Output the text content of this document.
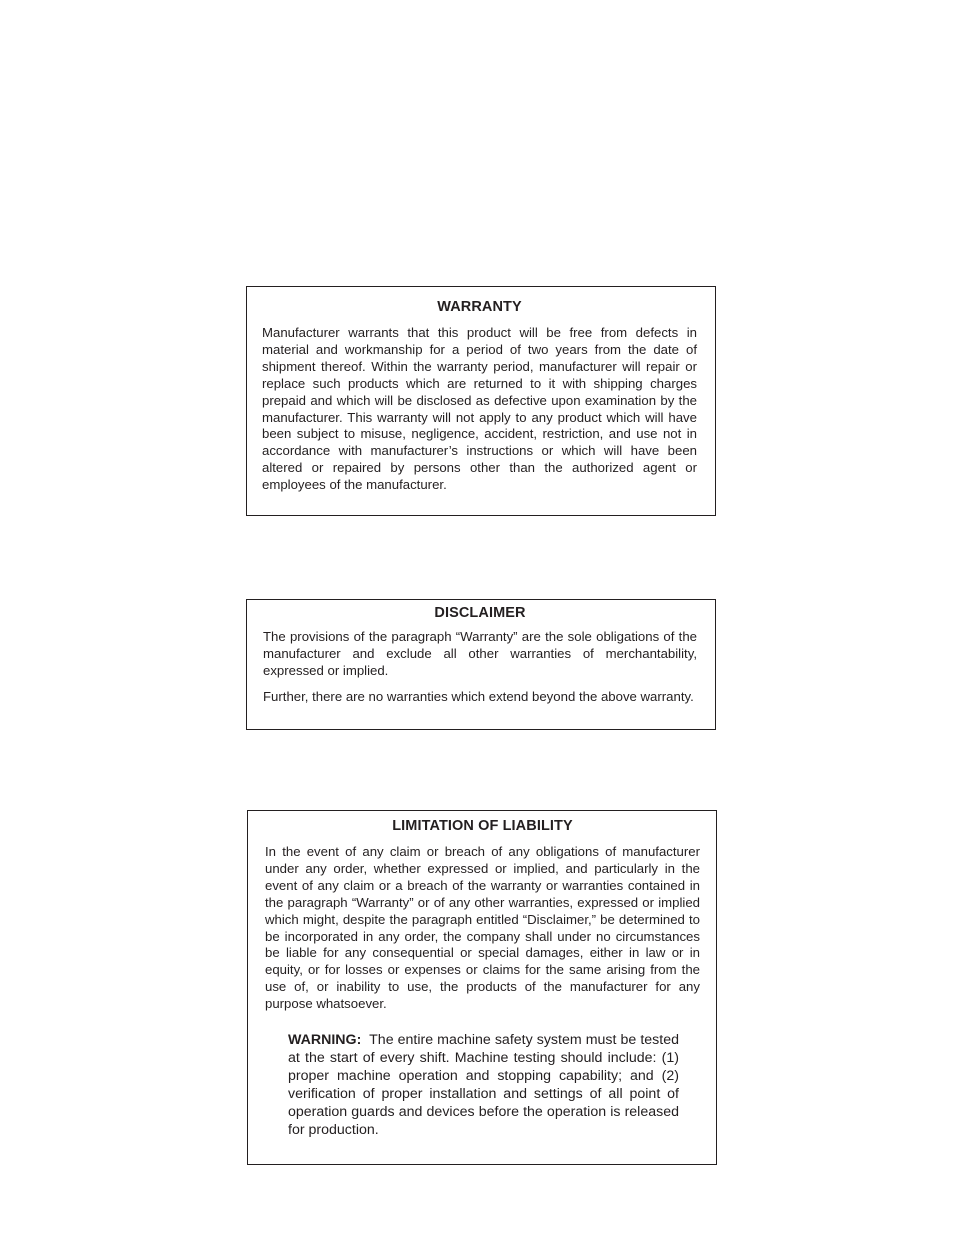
WARRANTY

Manufacturer warrants that this product will be free from defects in material and workmanship for a period of two years from the date of shipment thereof. Within the warranty period, manufacturer will repair or replace such products which are returned to it with shipping charges prepaid and which will be disclosed as defective upon examination by the manufacturer. This warranty will not apply to any product which will have been subject to misuse, negligence, accident, restriction, and use not in accordance with manufacturer’s instructions or which will have been altered or repaired by persons other than the authorized agent or employees of the manufacturer.

DISCLAIMER

The provisions of the paragraph “Warranty” are the sole obligations of the manufacturer and exclude all other warranties of merchantability, expressed or implied.

Further, there are no warranties which extend beyond the above warranty.

LIMITATION OF LIABILITY

In the event of any claim or breach of any obligations of manufacturer under any order, whether expressed or implied, and particularly in the event of any claim or a breach of the warranty or warranties contained in the paragraph “Warranty” or of any other warranties, expressed or implied which might, despite the paragraph entitled “Disclaimer,” be determined to be incorporated in any order, the company shall under no circumstances be liable for any consequential or special damages, either in law or in equity, or for losses or expenses or claims for the same arising from the use of, or inability to use, the products of the manufacturer for any purpose whatsoever.

WARNING: The entire machine safety system must be tested at the start of every shift. Machine testing should include: (1) proper machine operation and stopping capability; and (2) verification of proper installation and settings of all point of operation guards and devices before the operation is released for production.
